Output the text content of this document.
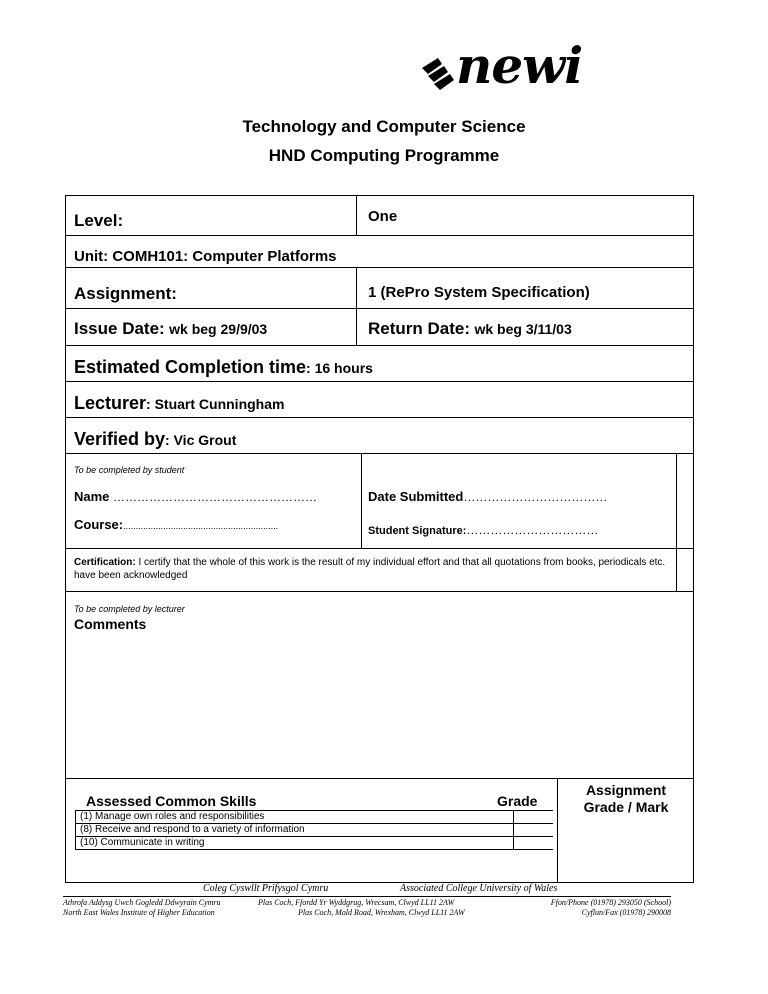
newi
Technology and Computer Science
HND Computing Programme
Level:	One
Unit: COMH101: Computer Platforms
Assignment:	1 (RePro System Specification)
Issue Date: wk beg 29/9/03	Return Date: wk beg 3/11/03
Estimated Completion time: 16 hours
Lecturer: Stuart Cunningham
Verified by: Vic Grout
To be completed by student
Name ……………………………………………	Date Submitted………………………………
Course:..............................................................	Student Signature:……………………………
Certification: I certify that the whole of this work is the result of my individual effort and that all quotations from books, periodicals etc. have been acknowledged
To be completed by lecturer
Comments
Assessed Common Skills	Grade
(1) Manage own roles and responsibilities
(8) Receive and respond to a variety of information
(10) Communicate in writing
Assignment
Grade / Mark
Coleg Cyswllt Prifysgol Cymru	Associated College University of Wales
Athrofa Addysg Uwch Gogledd Ddwyrain Cymru	Plas Coch, Ffordd Yr Wyddgrug, Wrecsam, Clwyd LL11 2AW	Ffon/Phone (01978) 293050 (School)
North East Wales Institute of Higher Education	Plas Coch, Mold Road, Wrexham, Clwyd LL11 2AW	Cyflun/Fax (01978) 290008
